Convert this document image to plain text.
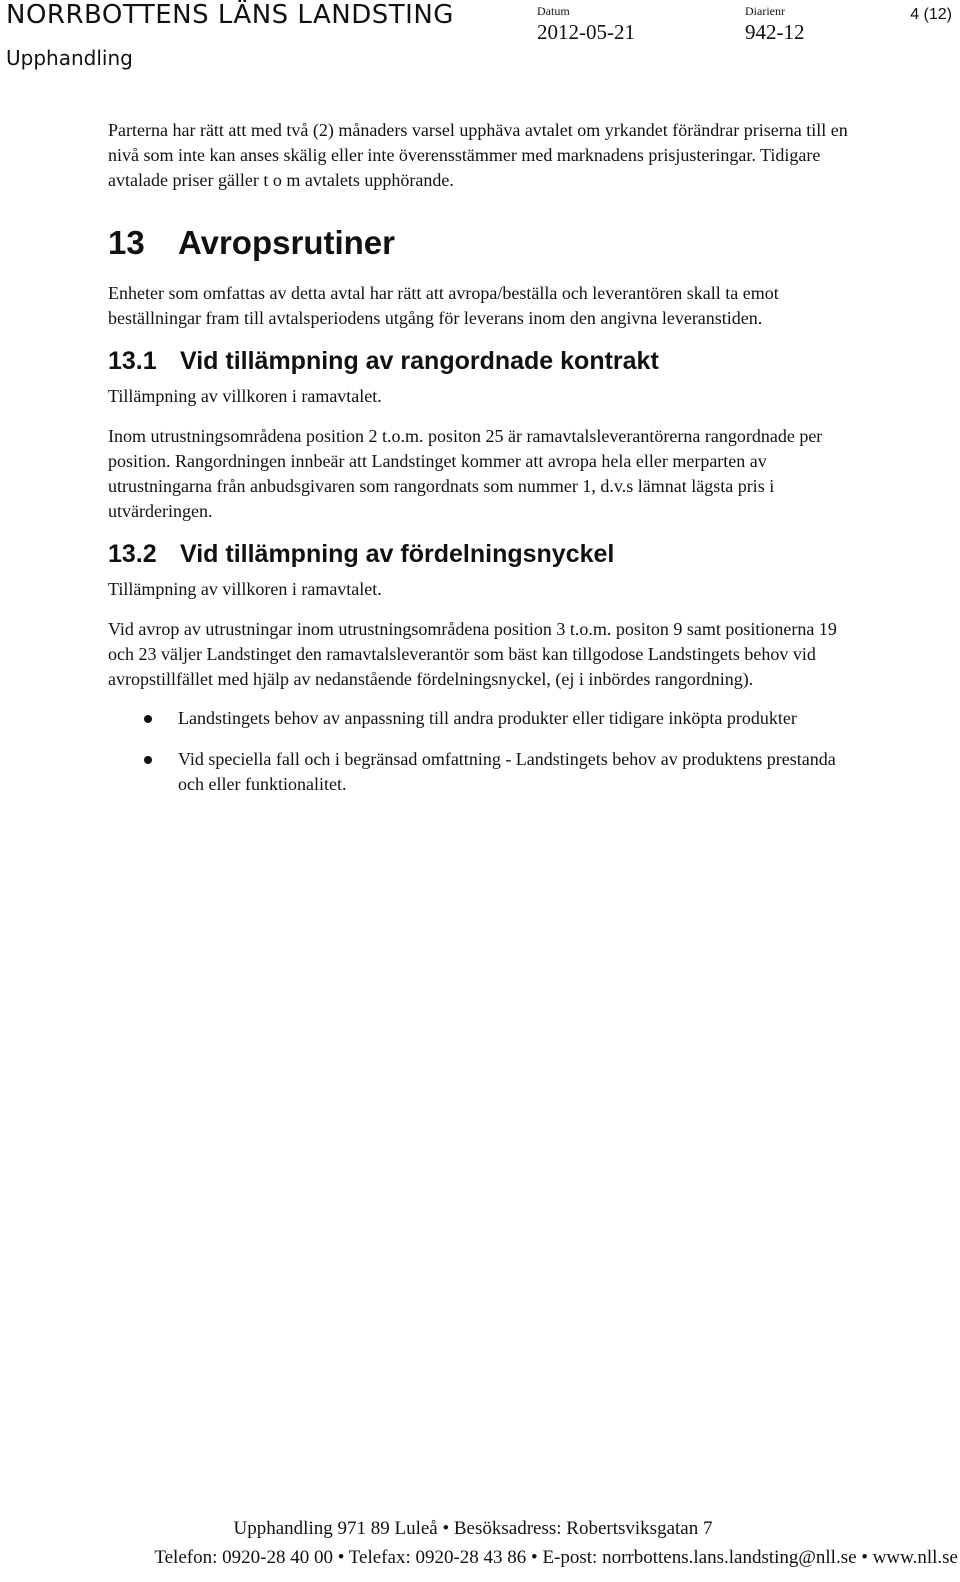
NORRBOTTENS LÄNS LANDSTING
Upphandling
Datum
2012-05-21
Diarienr
942-12
4 (12)

Parterna har rätt att med två (2) månaders varsel upphäva avtalet om yrkandet förändrar priserna till en nivå som inte kan anses skälig eller inte överensstämmer med marknadens prisjusteringar. Tidigare avtalade priser gäller t o m avtalets upphörande.

13 Avropsrutiner

Enheter som omfattas av detta avtal har rätt att avropa/beställa och leverantören skall ta emot beställningar fram till avtalsperiodens utgång för leverans inom den angivna leveranstiden.

13.1 Vid tillämpning av rangordnade kontrakt

Tillämpning av villkoren i ramavtalet.

Inom utrustningsområdena position 2 t.o.m. positon 25 är ramavtalsleverantörerna rangordnade per position. Rangordningen innbeär att Landstinget kommer att avropa hela eller merparten av utrustningarna från anbudsgivaren som rangordnats som nummer 1, d.v.s lämnat lägsta pris i utvärderingen.

13.2 Vid tillämpning av fördelningsnyckel

Tillämpning av villkoren i ramavtalet.

Vid avrop av utrustningar inom utrustningsområdena position 3 t.o.m. positon 9 samt positionerna 19 och 23 väljer Landstinget den ramavtalsleverantör som bäst kan tillgodose Landstingets behov vid avropstillfället med hjälp av nedanstående fördelningsnyckel, (ej i inbördes rangordning).

Landstingets behov av anpassning till andra produkter eller tidigare inköpta produkter
Vid speciella fall och i begränsad omfattning - Landstingets behov av produktens prestanda och eller funktionalitet.
Upphandling 971 89 Luleå • Besöksadress: Robertsviksgatan 7
Telefon: 0920-28 40 00 • Telefax: 0920-28 43 86 • E-post: norrbottens.lans.landsting@nll.se • www.nll.se
